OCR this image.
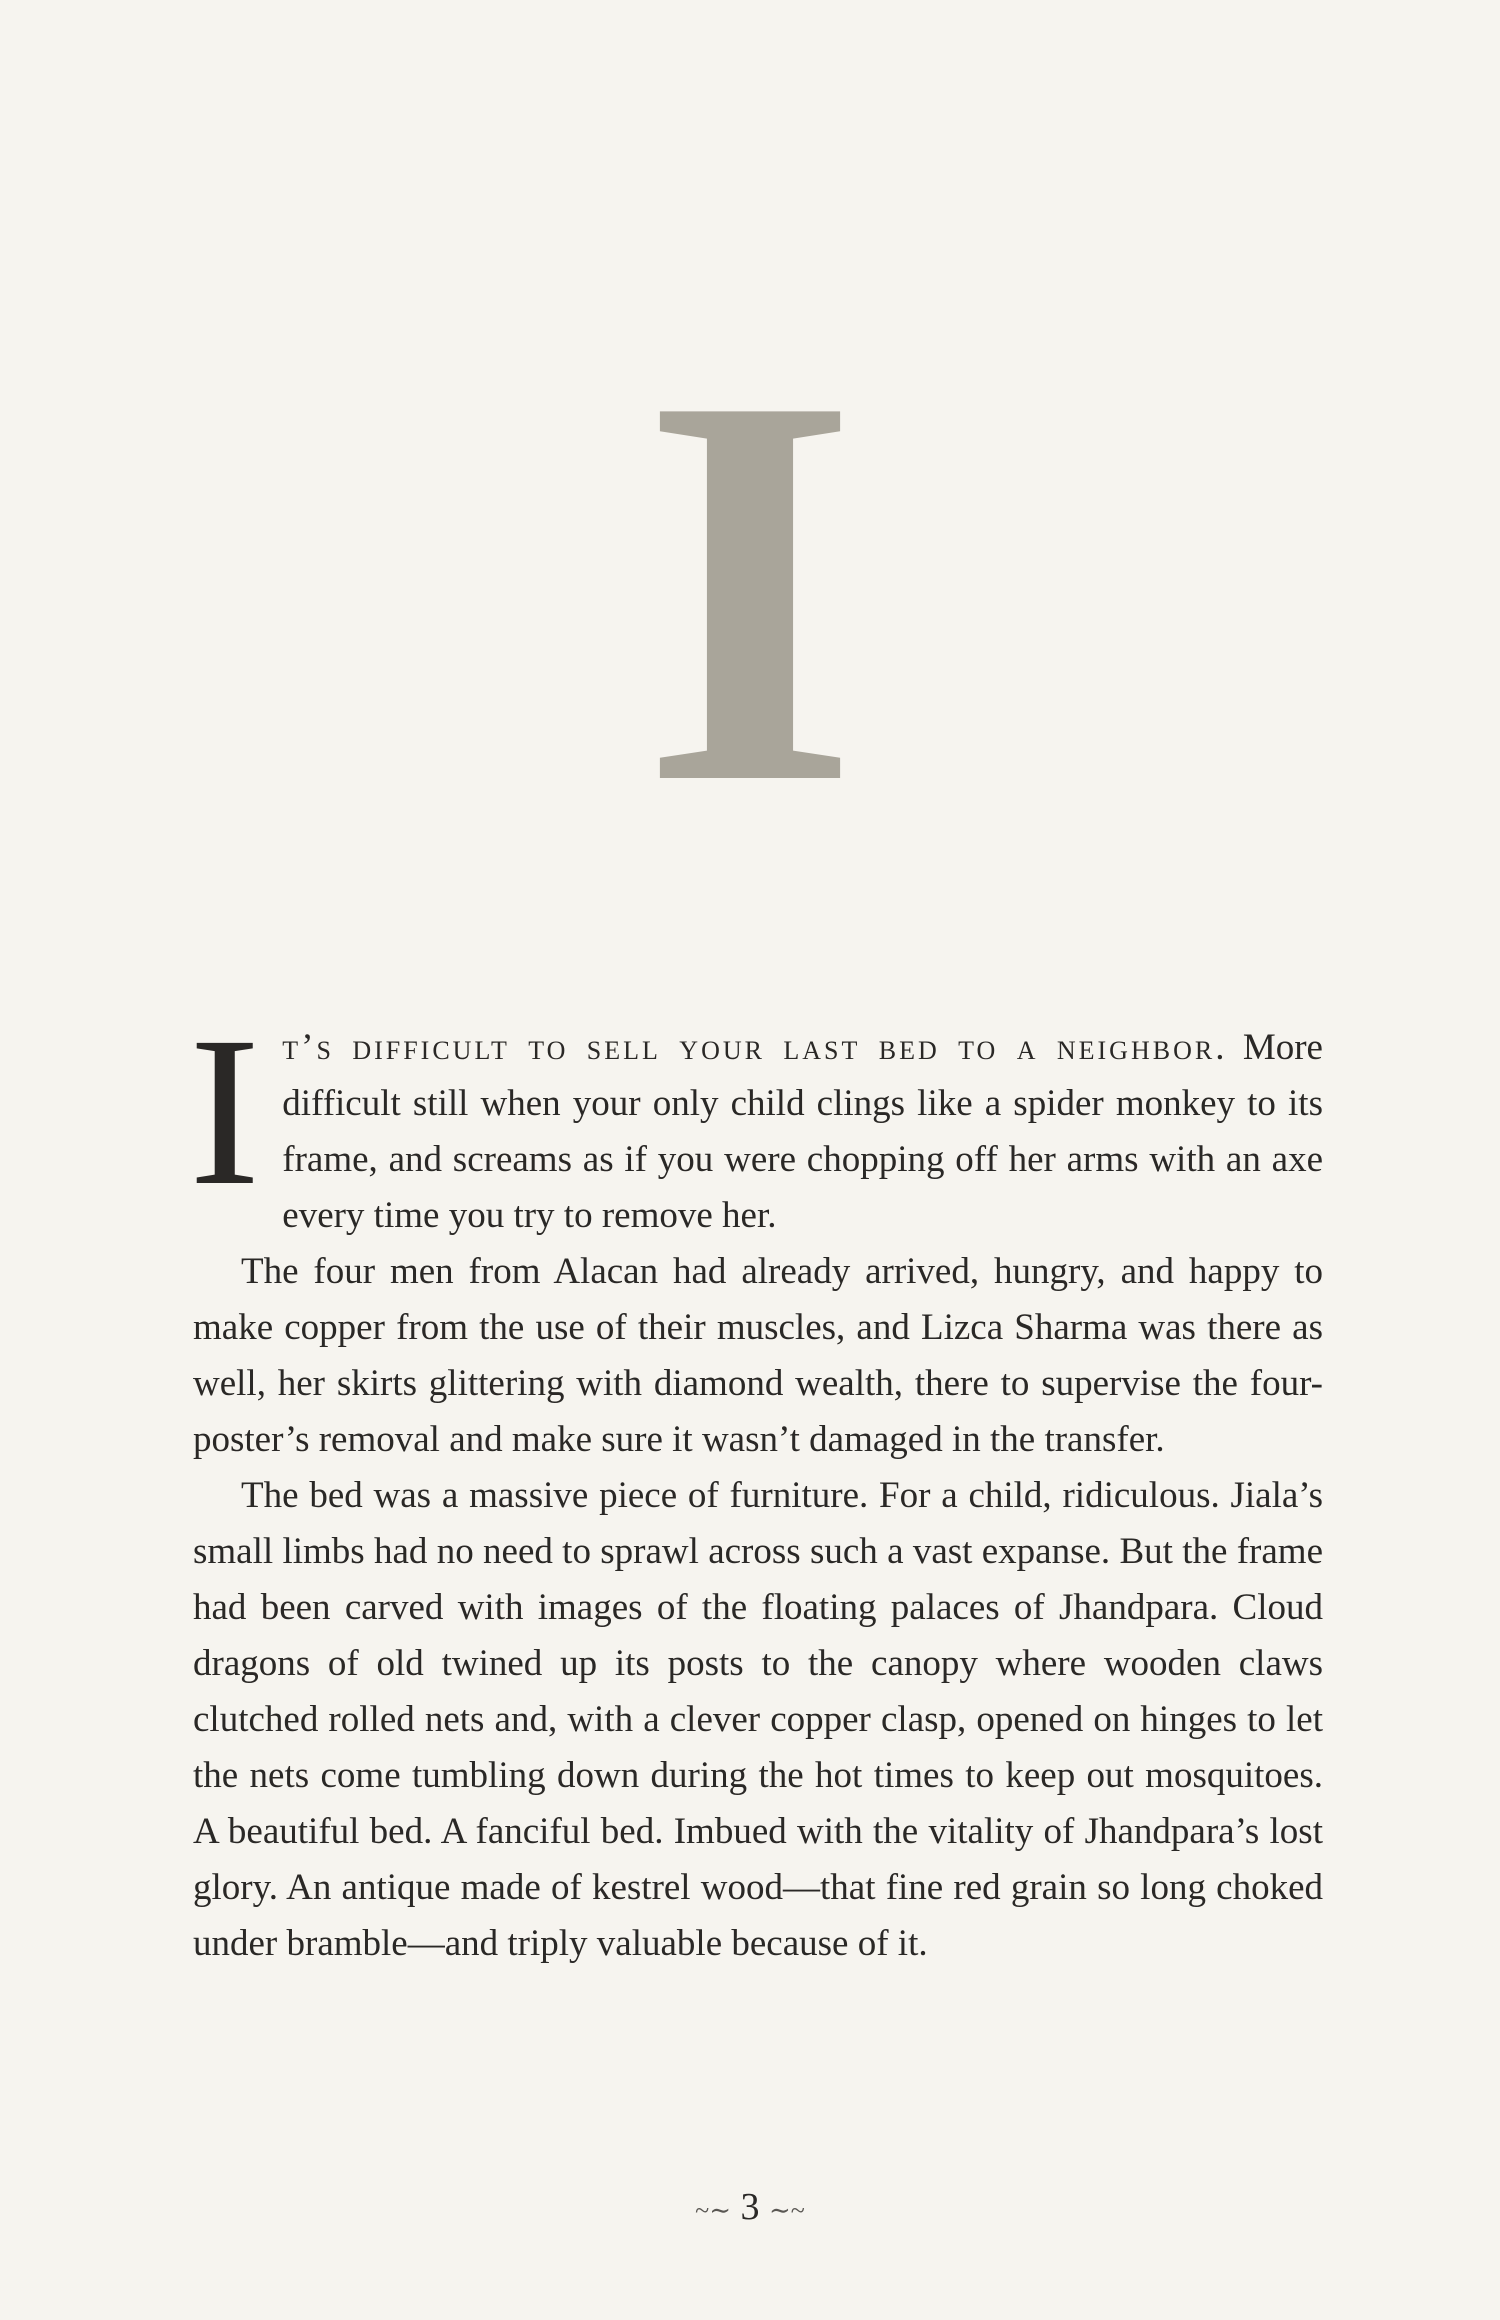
I

It’s difficult to sell your last bed to a neighbor. More difficult still when your only child clings like a spider monkey to its frame, and screams as if you were chopping off her arms with an axe every time you try to remove her.

The four men from Alacan had already arrived, hungry, and happy to make copper from the use of their muscles, and Lizca Sharma was there as well, her skirts glittering with diamond wealth, there to supervise the four-poster’s removal and make sure it wasn’t damaged in the transfer.

The bed was a massive piece of furniture. For a child, ridiculous. Jiala’s small limbs had no need to sprawl across such a vast expanse. But the frame had been carved with images of the floating palaces of Jhandpara. Cloud dragons of old twined up its posts to the canopy where wooden claws clutched rolled nets and, with a clever copper clasp, opened on hinges to let the nets come tumbling down during the hot times to keep out mosquitoes. A beautiful bed. A fanciful bed. Imbued with the vitality of Jhandpara’s lost glory. An antique made of kestrel wood—that fine red grain so long choked under bramble—and triply valuable because of it.

~∼ 3 ∼~
